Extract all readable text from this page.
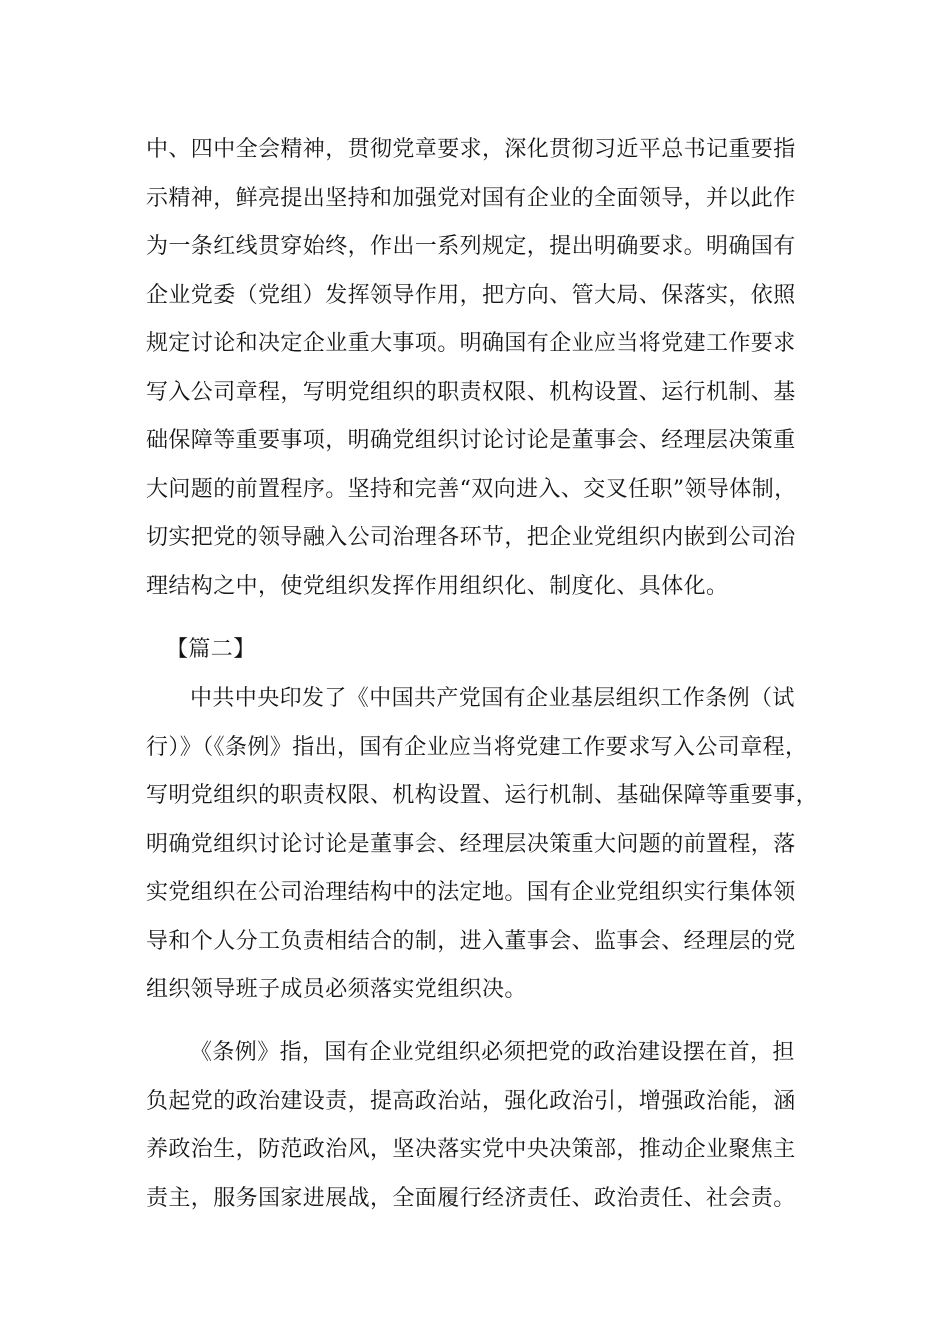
中、四中全会精神，贯彻党章要求，深化贯彻习近平总书记重要指
示精神，鲜亮提出坚持和加强党对国有企业的全面领导，并以此作
为一条红线贯穿始终，作出一系列规定，提出明确要求。明确国有
企业党委（党组）发挥领导作用，把方向、管大局、保落实，依照
规定讨论和决定企业重大事项。明确国有企业应当将党建工作要求
写入公司章程，写明党组织的职责权限、机构设置、运行机制、基
础保障等重要事项，明确党组织讨论讨论是董事会、经理层决策重
大问题的前置程序。坚持和完善“双向进入、交叉任职”领导体制，
切实把党的领导融入公司治理各环节，把企业党组织内嵌到公司治
理结构之中，使党组织发挥作用组织化、制度化、具体化。
【篇二】
中共中央印发了《中国共产党国有企业基层组织工作条例（试
行）》（《条例》指出，国有企业应当将党建工作要求写入公司章程，
写明党组织的职责权限、机构设置、运行机制、基础保障等重要事，
明确党组织讨论讨论是董事会、经理层决策重大问题的前置程，落
实党组织在公司治理结构中的法定地。国有企业党组织实行集体领
导和个人分工负责相结合的制，进入董事会、监事会、经理层的党
组织领导班子成员必须落实党组织决。
《条例》指，国有企业党组织必须把党的政治建设摆在首，担
负起党的政治建设责，提高政治站，强化政治引，增强政治能，涵
养政治生，防范政治风，坚决落实党中央决策部，推动企业聚焦主
责主，服务国家进展战，全面履行经济责任、政治责任、社会责。
